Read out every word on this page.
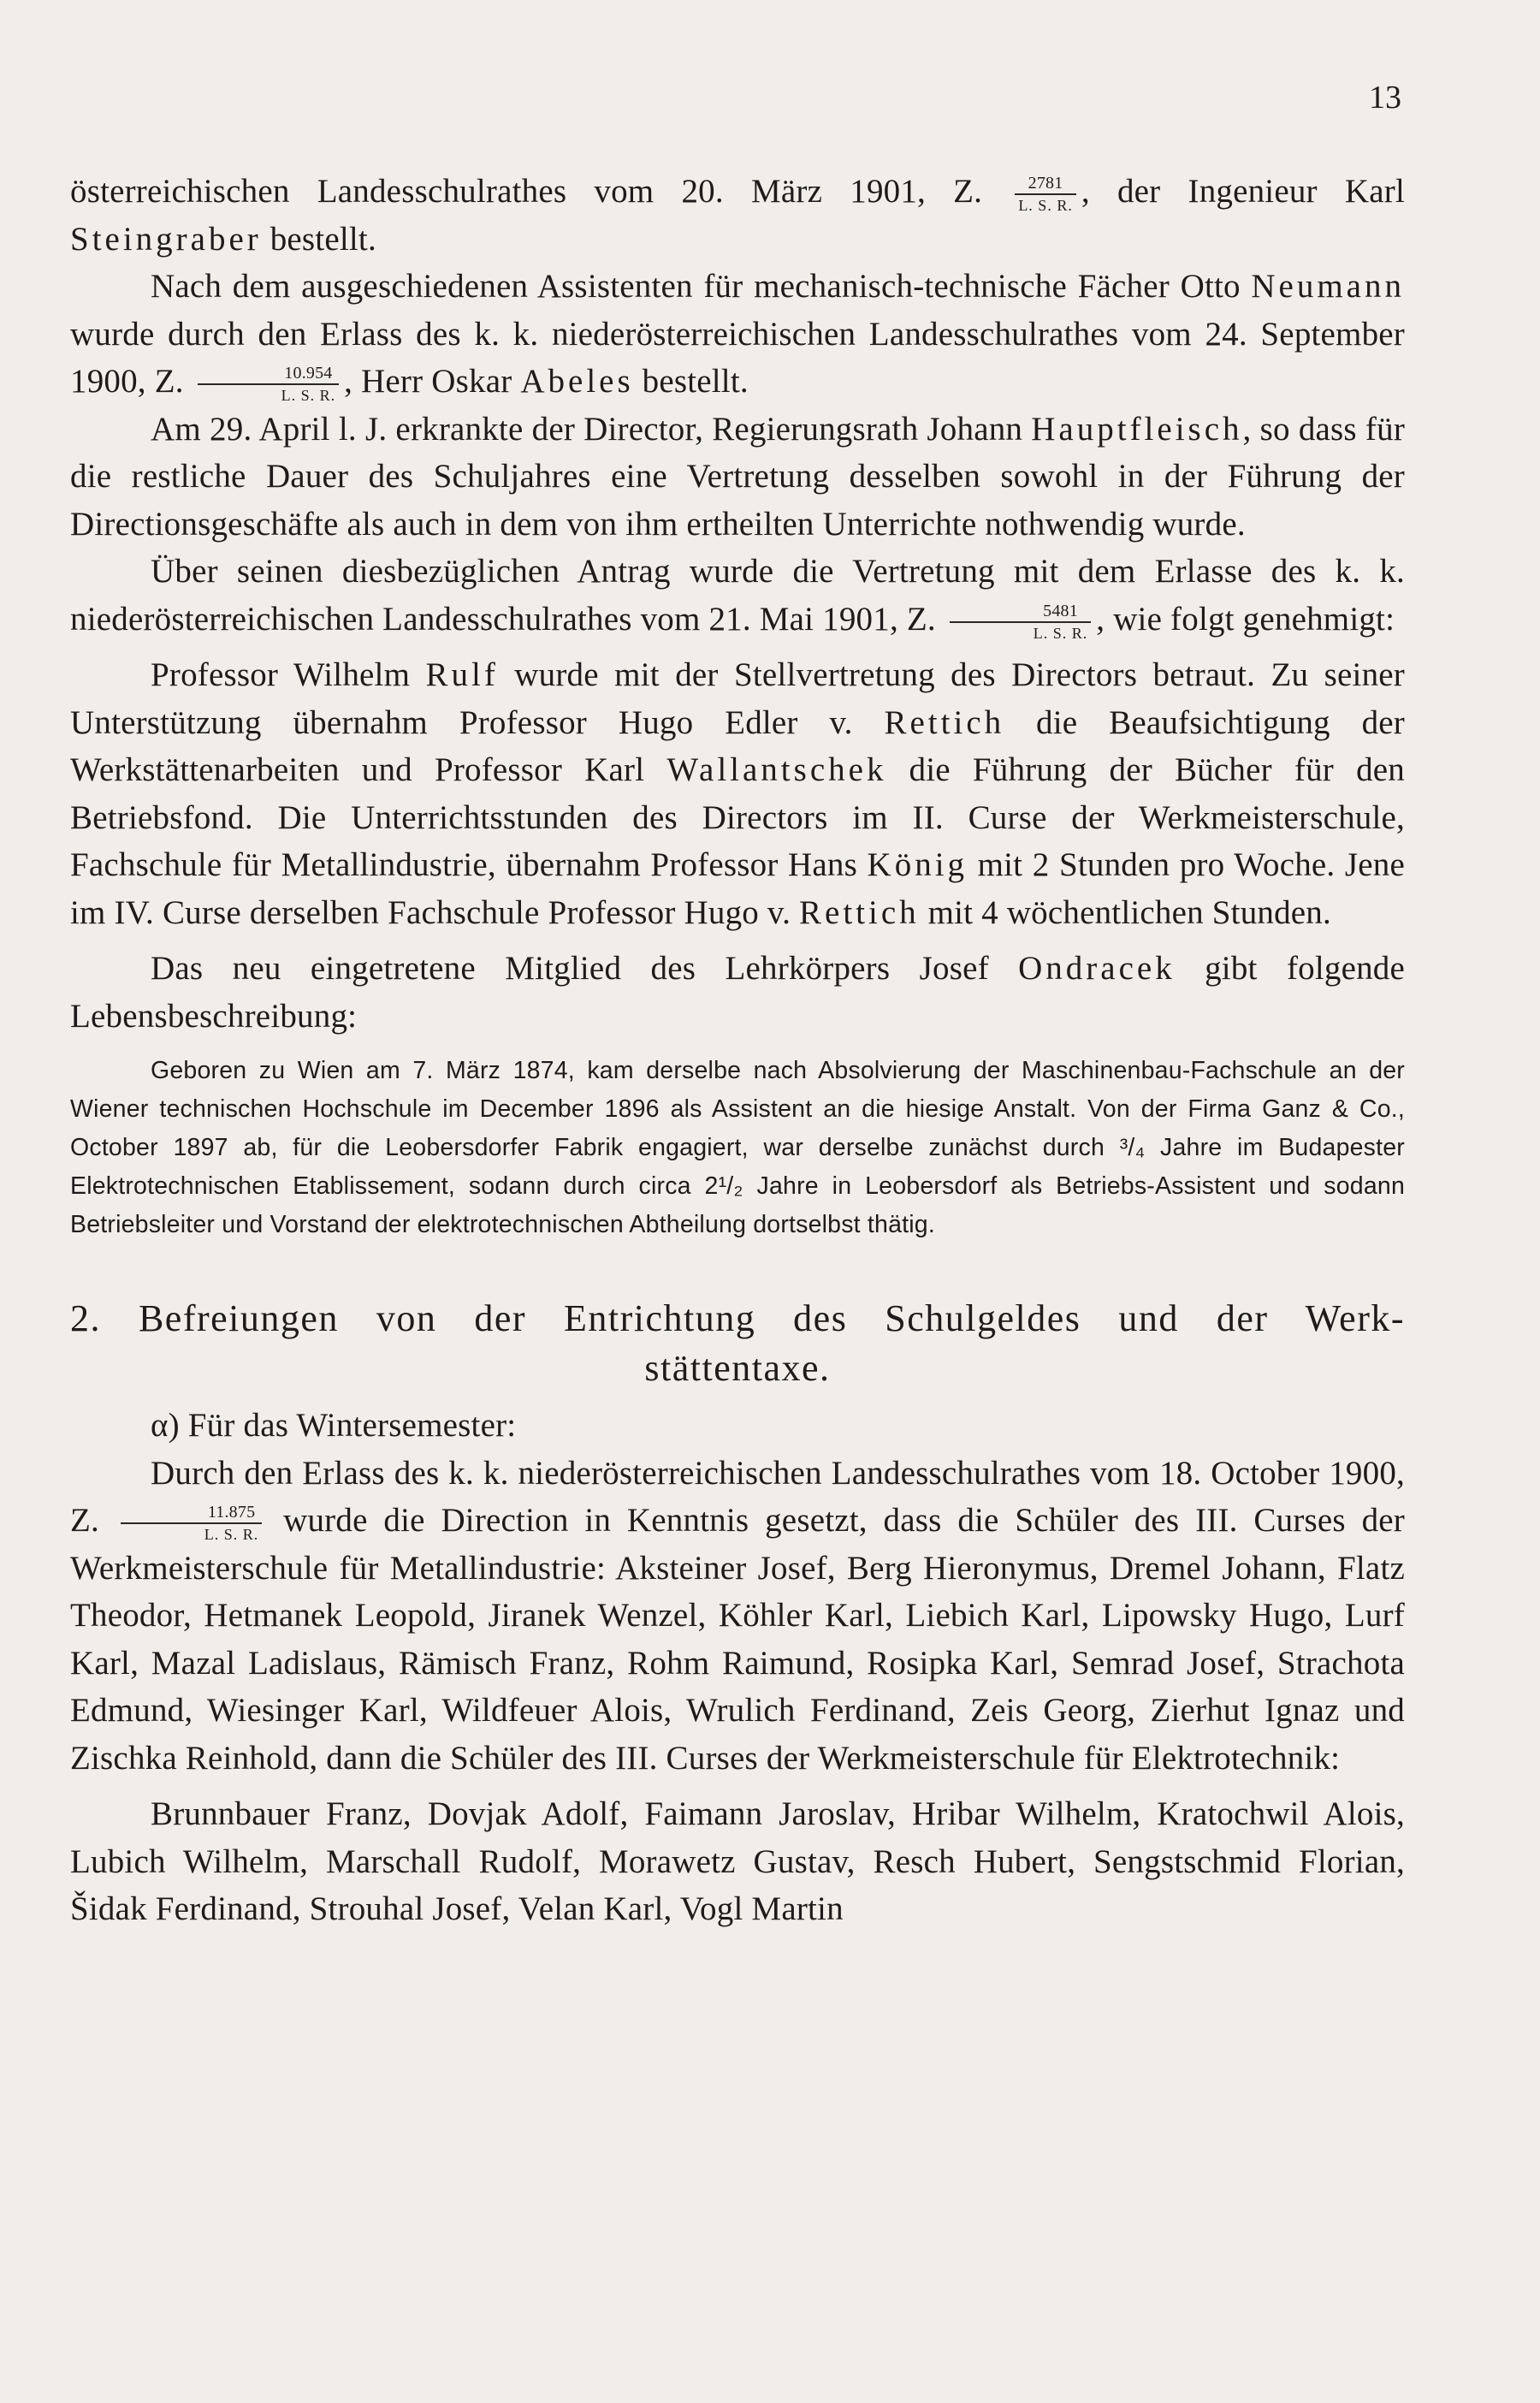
13

österreichischen Landesschulrathes vom 20. März 1901, Z. $\frac{2781}{L. S. R.}$ , der Ingenieur Karl Steingraber bestellt.

Nach dem ausgeschiedenen Assistenten für mechanisch-technische Fächer Otto Neumann wurde durch den Erlass des k. k. niederösterreichischen Landesschulrathes vom 24. September 1900, Z. $\frac{10.954}{L. S. R.}$ , Herr Oskar Abeles bestellt.

Am 29. April l. J. erkrankte der Director, Regierungsrath Johann Hauptfleisch, so dass für die restliche Dauer des Schuljahres eine Vertretung desselben sowohl in der Führung der Directionsgeschäfte als auch in dem von ihm ertheilten Unterrichte nothwendig wurde.

Über seinen diesbezüglichen Antrag wurde die Vertretung mit dem Erlasse des k. k. niederösterreichischen Landesschulrathes vom 21. Mai 1901, Z. $\frac{5481}{L. S. R.}$ , wie folgt genehmigt:

Professor Wilhelm Rulf wurde mit der Stellvertretung des Directors betraut. Zu seiner Unterstützung übernahm Professor Hugo Edler v. Rettich die Beaufsichtigung der Werkstättenarbeiten und Professor Karl Wallantschek die Führung der Bücher für den Betriebsfond. Die Unterrichtsstunden des Directors im II. Curse der Werkmeisterschule, Fachschule für Metallindustrie, übernahm Professor Hans König mit 2 Stunden pro Woche. Jene im IV. Curse derselben Fachschule Professor Hugo v. Rettich mit 4 wöchentlichen Stunden.

Das neu eingetretene Mitglied des Lehrkörpers Josef Ondracek gibt folgende Lebensbeschreibung:

Geboren zu Wien am 7. März 1874, kam derselbe nach Absolvierung der Maschinenbau-Fachschule an der Wiener technischen Hochschule im December 1896 als Assistent an die hiesige Anstalt. Von der Firma Ganz & Co., October 1897 ab, für die Leobersdorfer Fabrik engagiert, war derselbe zunächst durch ³/₄ Jahre im Budapester Elektrotechnischen Etablissement, sodann durch circa 2¹/₂ Jahre in Leobersdorf als Betriebs-Assistent und sodann Betriebsleiter und Vorstand der elektrotechnischen Abtheilung dortselbst thätig.

2. Befreiungen von der Entrichtung des Schulgeldes und der Werk-
stättentaxe.

α) Für das Wintersemester:

Durch den Erlass des k. k. niederösterreichischen Landesschulrathes vom 18. October 1900, Z. $\frac{11.875}{L. S. R.}$ wurde die Direction in Kenntnis gesetzt, dass die Schüler des III. Curses der Werkmeisterschule für Metallindustrie: Aksteiner Josef, Berg Hieronymus, Dremel Johann, Flatz Theodor, Hetmanek Leopold, Jiranek Wenzel, Köhler Karl, Liebich Karl, Lipowsky Hugo, Lurf Karl, Mazal Ladislaus, Rämisch Franz, Rohm Raimund, Rosipka Karl, Semrad Josef, Strachota Edmund, Wiesinger Karl, Wildfeuer Alois, Wrulich Ferdinand, Zeis Georg, Zierhut Ignaz und Zischka Reinhold, dann die Schüler des III. Curses der Werkmeisterschule für Elektrotechnik:

Brunnbauer Franz, Dovjak Adolf, Faimann Jaroslav, Hribar Wilhelm, Kratochwil Alois, Lubich Wilhelm, Marschall Rudolf, Morawetz Gustav, Resch Hubert, Sengstschmid Florian, Šidak Ferdinand, Strouhal Josef, Velan Karl, Vogl Martin
